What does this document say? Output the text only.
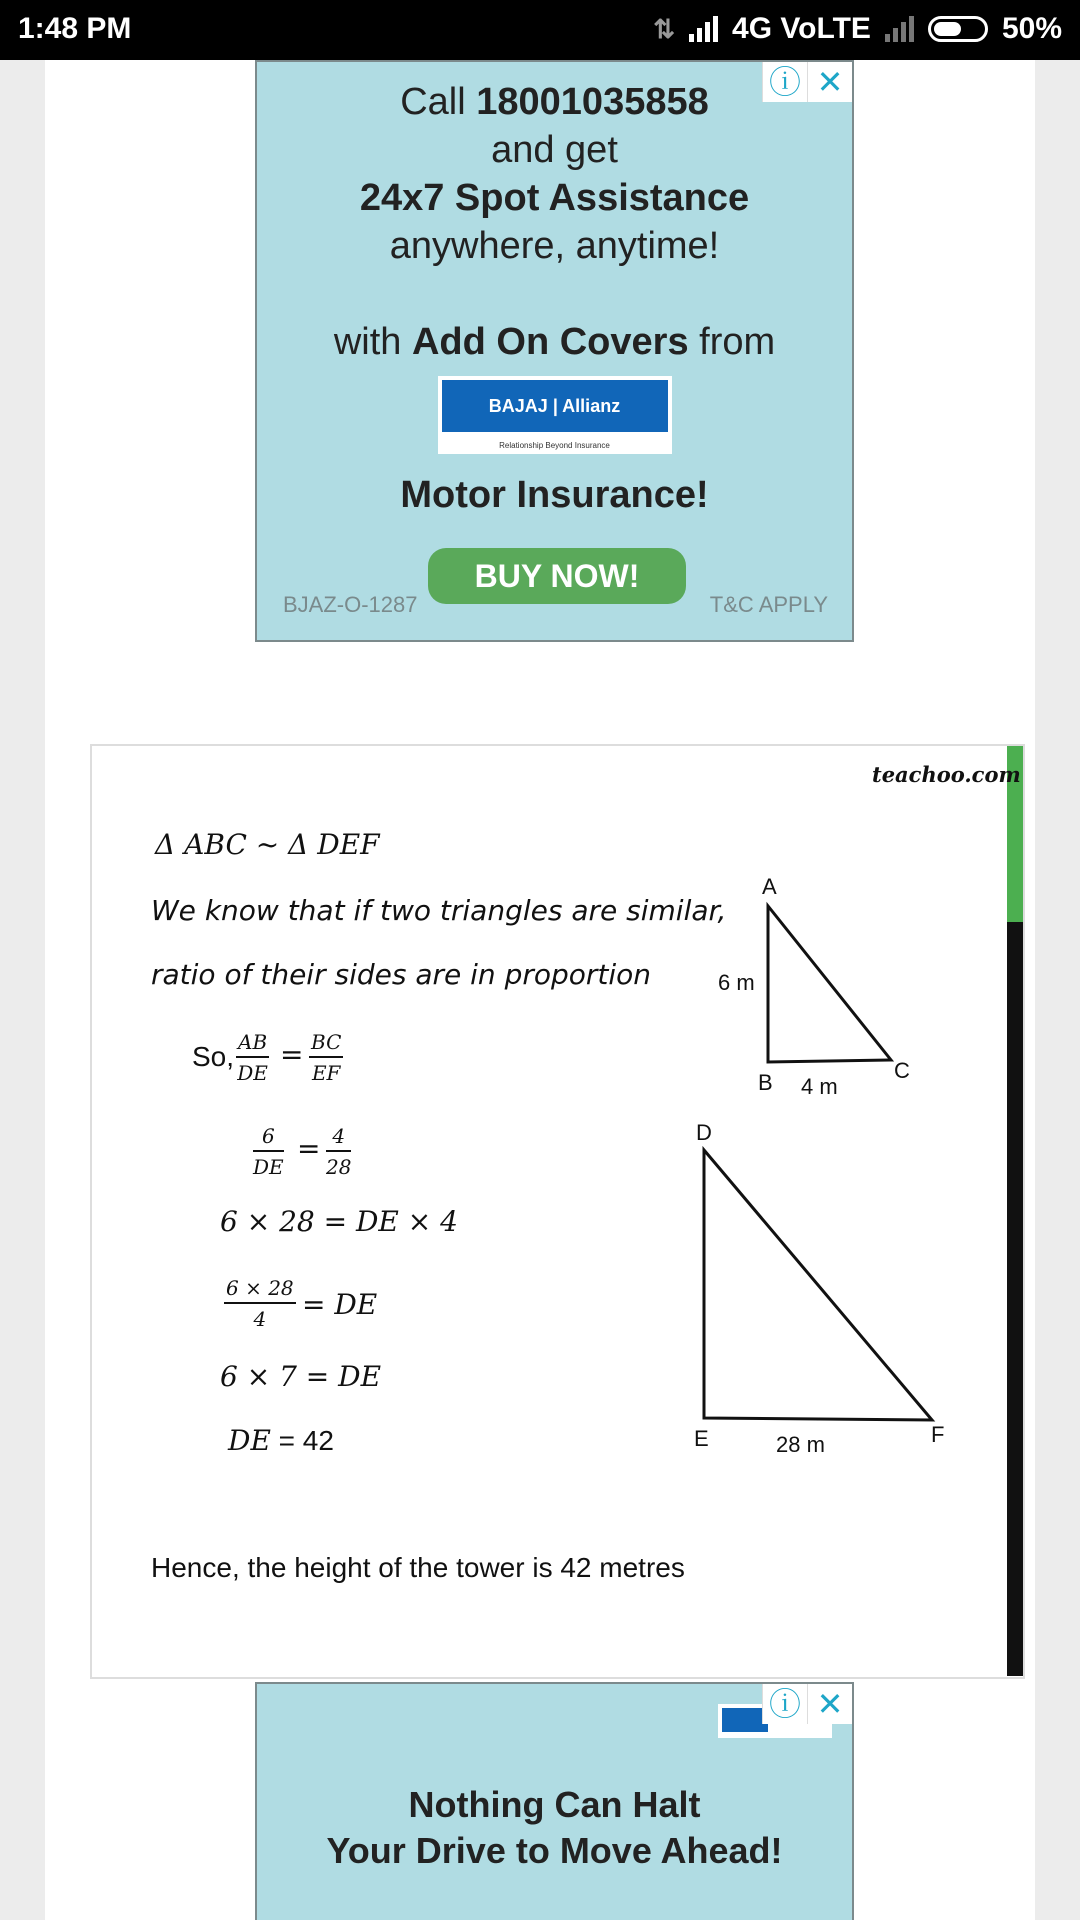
1:48 PM	⇅ 4G VoLTE	50%
ⓘ ✕
Call 18001035858
and get
24x7 Spot Assistance
anywhere, anytime!
with Add On Covers from
BAJAJ | Allianz
Relationship Beyond Insurance
Motor Insurance!
BJAZ-O-1287
BUY NOW!
T&C APPLY
teachoo.com
Δ ABC ~ Δ DEF
We know that if two triangles are similar,
ratio of their sides are in proportion
So, $\frac{AB}{DE} = \frac{BC}{EF}$
$\frac{6}{DE} = \frac{4}{28}$
6 × 28 = DE × 4
$\frac{6 \times 28}{4}$ = DE
6 × 7 = DE
DE = 42
Hence, the height of the tower is 42 metres
A
6 m
B 4 m
C
D
E	28 m	F
ⓘ ✕
Nothing Can Halt
Your Drive to Move Ahead!
